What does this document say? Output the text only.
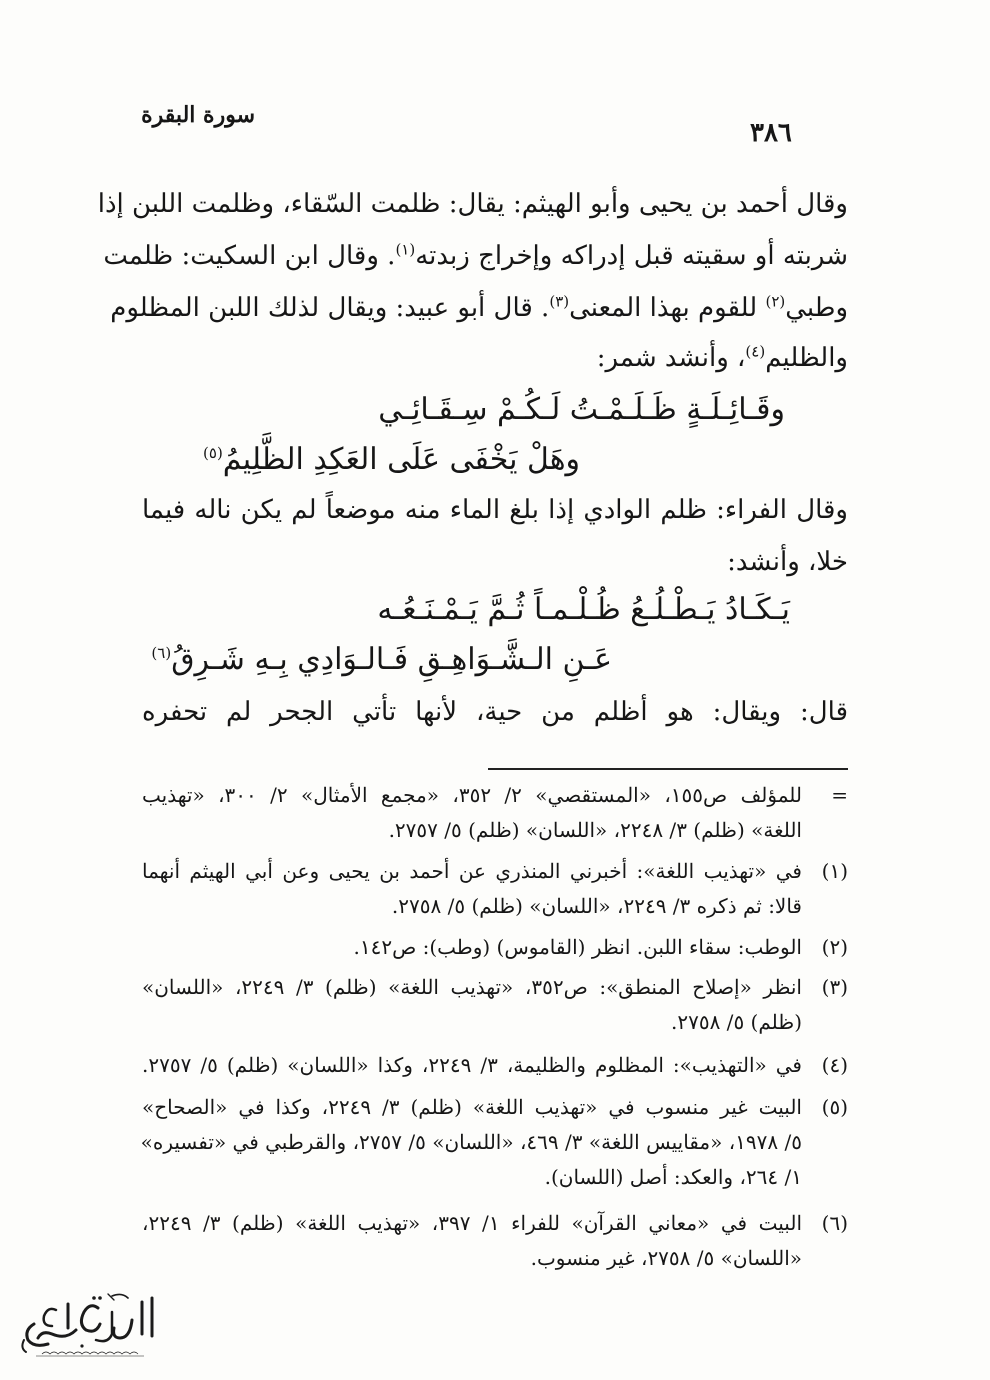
سورة البقرة
٣٨٦
وقال أحمد بن يحيى وأبو الهيثم: يقال: ظلمت السّقاء، وظلمت اللبن إذا
شربته أو سقيته قبل إدراكه وإخراج زبدته$^{(١)}$. وقال ابن السكيت: ظلمت
وطبي$^{(٢)}$ للقوم بهذا المعنى$^{(٣)}$. قال أبو عبيد: ويقال لذلك اللبن المظلوم
والظليم$^{(٤)}$، وأنشد شمر:
وقَـائِـلَـةٍ ظَـلَـمْـتُ لَـكُـمْ سِـقَـائِـي
وهَلْ يَخْفَى عَلَى العَكِدِ الظَّلِيمُ$^{(٥)}$
وقال الفراء: ظلم الوادي إذا بلغ الماء منه موضعاً لم يكن ناله فيما
خلا، وأنشد:
يَـكَـادُ يَـطْـلُـعُ ظُـلْـمـاً ثُـمَّ يَـمْـنَـعُـه
عَـنِ الـشَّـوَاهِـقِ فَـالـوَادِي بِـهِ شَـرِقُ$^{(٦)}$
قال: ويقال: هو أظلم من حية، لأنها تأتي الجحر لم تحفره
=
للمؤلف ص١٥٥، «المستقصي» ٢/ ٣٥٢، «مجمع الأمثال» ٢/ ٣٠٠، «تهذيب
اللغة» (ظلم) ٣/ ٢٢٤٨، «اللسان» (ظلم) ٥/ ٢٧٥٧.
(١)
في «تهذيب اللغة»: أخبرني المنذري عن أحمد بن يحيى وعن أبي الهيثم أنهما
قالا: ثم ذكره ٣/ ٢٢٤٩، «اللسان» (ظلم) ٥/ ٢٧٥٨.
(٢)
الوطب: سقاء اللبن. انظر (القاموس) (وطب): ص١٤٢.
(٣)
انظر «إصلاح المنطق»: ص٣٥٢، «تهذيب اللغة» (ظلم) ٣/ ٢٢٤٩، «اللسان»
(ظلم) ٥/ ٢٧٥٨.
(٤)
في «التهذيب»: المظلوم والظليمة، ٣/ ٢٢٤٩، وكذا «اللسان» (ظلم) ٥/ ٢٧٥٧.
(٥)
البيت غير منسوب في «تهذيب اللغة» (ظلم) ٣/ ٢٢٤٩، وكذا في «الصحاح»
٥/ ١٩٧٨، «مقاييس اللغة» ٣/ ٤٦٩، «اللسان» ٥/ ٢٧٥٧، والقرطبي في «تفسيره»
١/ ٢٦٤، والعكد: أصل (اللسان).
(٦)
البيت في «معاني القرآن» للفراء ١/ ٣٩٧، «تهذيب اللغة» (ظلم) ٣/ ٢٢٤٩،
«اللسان» ٥/ ٢٧٥٨، غير منسوب.
